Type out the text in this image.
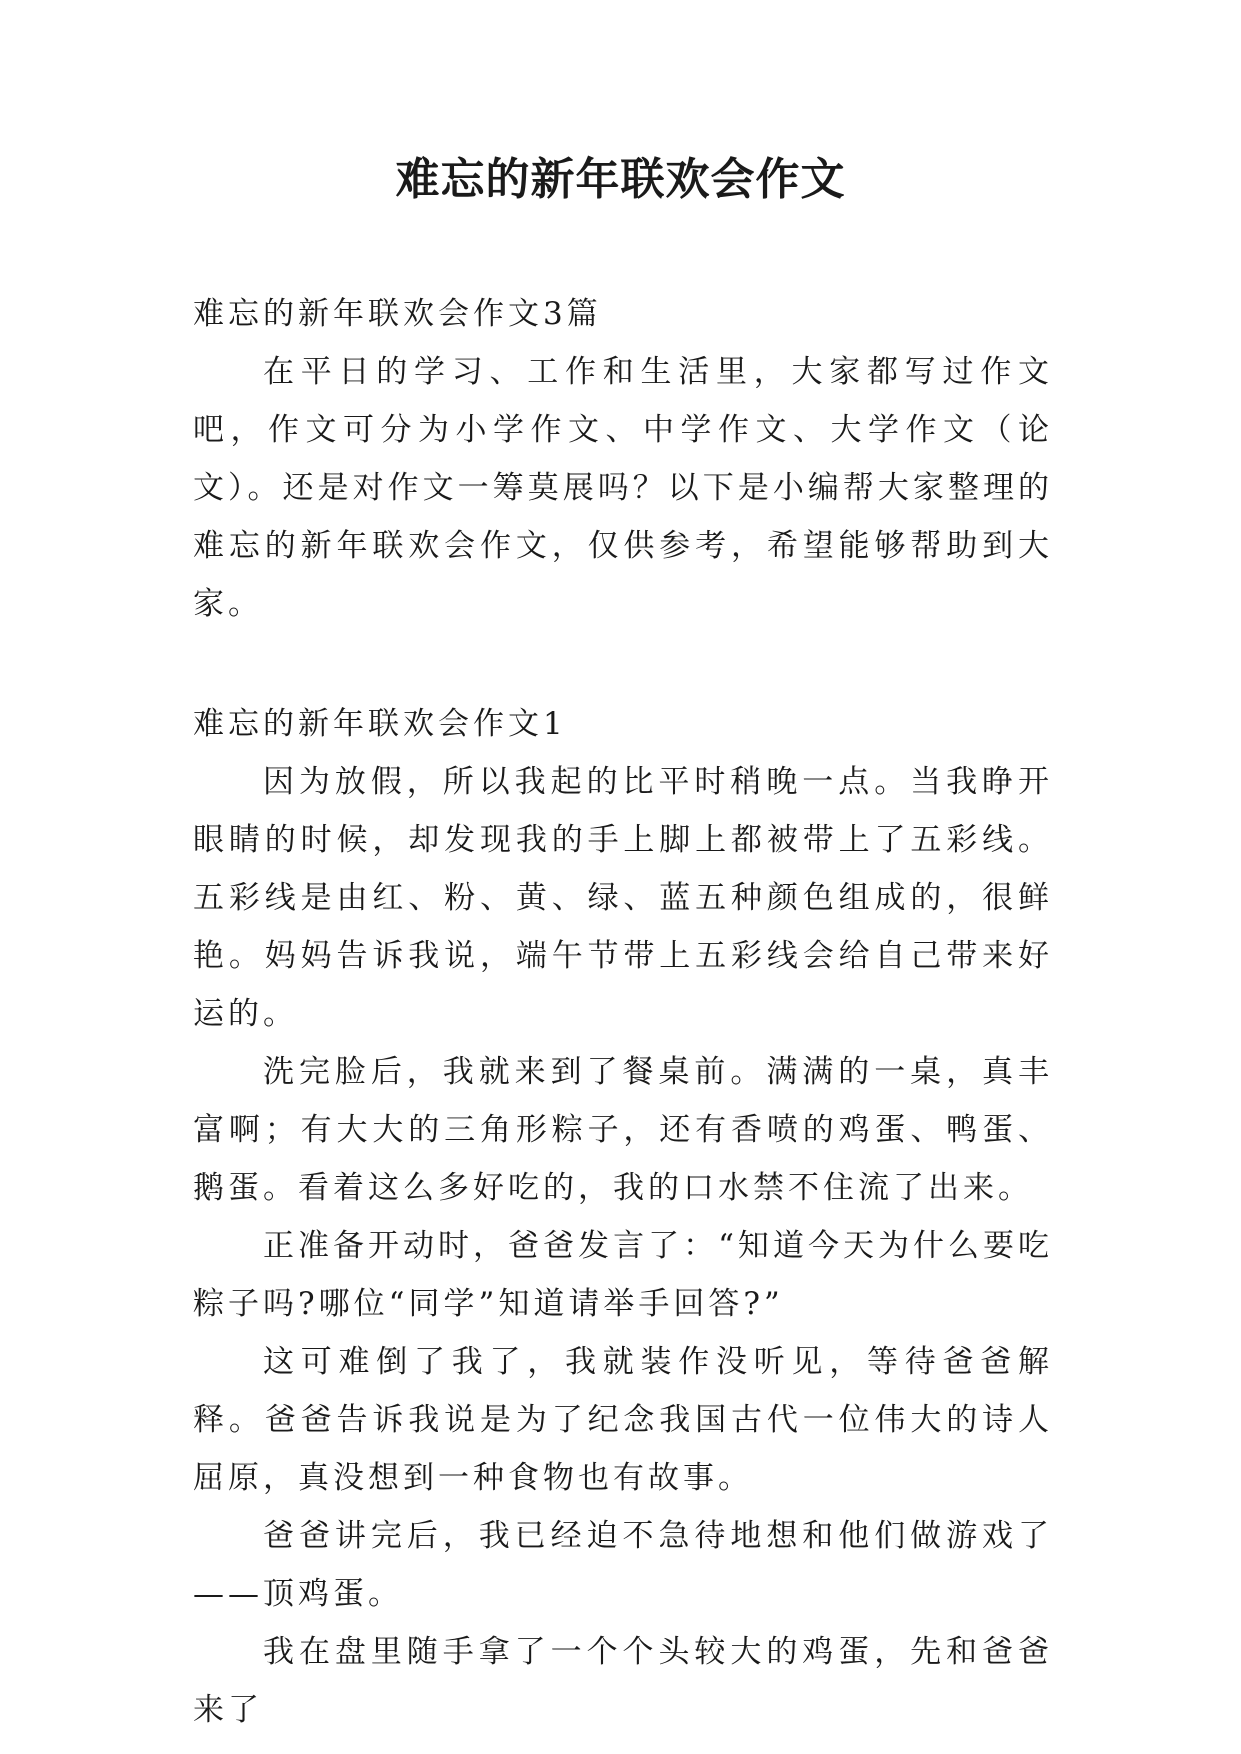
难忘的新年联欢会作文

难忘的新年联欢会作文3篇

在平日的学习、工作和生活里，大家都写过作文吧，作文可分为小学作文、中学作文、大学作文（论文）。还是对作文一筹莫展吗？以下是小编帮大家整理的难忘的新年联欢会作文，仅供参考，希望能够帮助到大家。

难忘的新年联欢会作文1

因为放假，所以我起的比平时稍晚一点。当我睁开眼睛的时候，却发现我的手上脚上都被带上了五彩线。五彩线是由红、粉、黄、绿、蓝五种颜色组成的，很鲜艳。妈妈告诉我说，端午节带上五彩线会给自己带来好运的。

洗完脸后，我就来到了餐桌前。满满的一桌，真丰富啊；有大大的三角形粽子，还有香喷的鸡蛋、鸭蛋、鹅蛋。看着这么多好吃的，我的口水禁不住流了出来。

正准备开动时，爸爸发言了：“知道今天为什么要吃粽子吗?哪位“同学”知道请举手回答?”

这可难倒了我了，我就装作没听见，等待爸爸解释。爸爸告诉我说是为了纪念我国古代一位伟大的诗人屈原，真没想到一种食物也有故事。

爸爸讲完后，我已经迫不急待地想和他们做游戏了——顶鸡蛋。

我在盘里随手拿了一个个头较大的鸡蛋，先和爸爸来了
